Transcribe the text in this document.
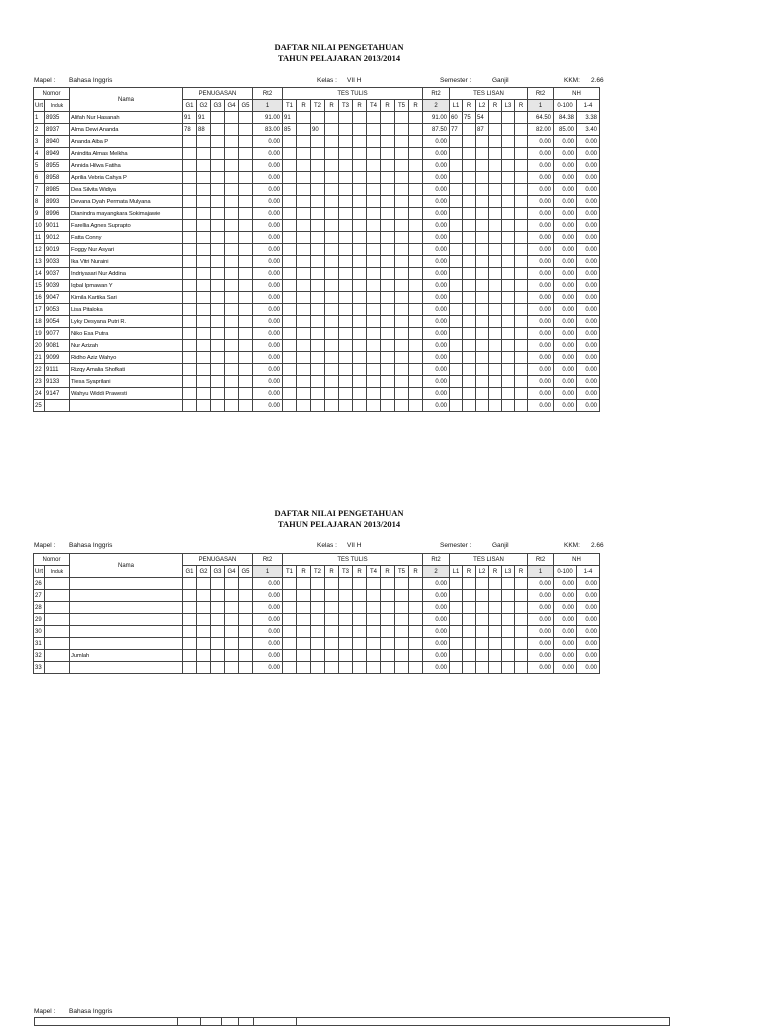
DAFTAR NILAI PENGETAHUAN
TAHUN PELAJARAN 2013/2014
Mapel : Bahasa Inggris	Kelas : VII H	Semester :	Ganjil	KKM: 2.66
Nomor		Nama	PENUGASAN					Rt2	TES TULIS										Rt2	TES LISAN						Rt2	NH	
Urt	Induk		G1	G2	G3	G4	G5	1	T1	R	T2	R	T3	R	T4	R	T5	R	2	L1	R	L2	R	L3	R	1	0-100	1-4
1	8935	Alifah Nur Hasanah	91	91				91.00	91										91.00	60	75	54				64.50	84.38	3.38
2	8937	Alma Dewi Ananda	78	88				83.00	85		90								87.50	77		87				82.00	85.00	3.40
3	8940	Ananda Aiba P						0.00											0.00							0.00	0.00	0.00
4	8949	Anindita Almas Melkha						0.00											0.00							0.00	0.00	0.00
5	8955	Annida Hilwa Fatiha						0.00											0.00							0.00	0.00	0.00
6	8958	Aprilia Vebria Cahya P						0.00											0.00							0.00	0.00	0.00
7	8985	Dea Silvita Widiya						0.00											0.00							0.00	0.00	0.00
8	8993	Devana Dyah Permata Mulyana						0.00											0.00							0.00	0.00	0.00
9	8996	Dianindra mayangkara Sokimajawie						0.00											0.00							0.00	0.00	0.00
10	9011	Farellia Agnes Suprapto						0.00											0.00							0.00	0.00	0.00
11	9012	Fatta Conny						0.00											0.00							0.00	0.00	0.00
12	9019	Foggy Nur Asyari						0.00											0.00							0.00	0.00	0.00
13	9033	Ika Vitri Nuraini						0.00											0.00							0.00	0.00	0.00
14	9037	Indriyasari Nur Addina						0.00											0.00							0.00	0.00	0.00
15	9039	Iqbal Ipmawan Y						0.00											0.00							0.00	0.00	0.00
16	9047	Kirnila Kartika Sari						0.00											0.00							0.00	0.00	0.00
17	9053	Lisa Pitaloka						0.00											0.00							0.00	0.00	0.00
18	9054	Lyky Desyana Putri R.						0.00											0.00							0.00	0.00	0.00
19	9077	Niko Esa Putra						0.00											0.00							0.00	0.00	0.00
20	9081	Nur Azizah						0.00											0.00							0.00	0.00	0.00
21	9099	Ridho Aziz Wahyo						0.00											0.00							0.00	0.00	0.00
22	9111	Rizqy Amalia Shofkati						0.00											0.00							0.00	0.00	0.00
23	9133	Tiesa Syaprilani						0.00											0.00							0.00	0.00	0.00
24	9147	Wahyu Widdi Prawesti						0.00											0.00							0.00	0.00	0.00
25								0.00											0.00							0.00	0.00	0.00
DAFTAR NILAI PENGETAHUAN
TAHUN PELAJARAN 2013/2014
Mapel : Bahasa Inggris	Kelas : VII H	Semester :	Ganjil	KKM: 2.66
Nomor		Nama	PENUGASAN					Rt2	TES TULIS										Rt2	TES LISAN						Rt2	NH	
Urt	Induk		G1	G2	G3	G4	G5	1	T1	R	T2	R	T3	R	T4	R	T5	R	2	L1	R	L2	R	L3	R	1	0-100	1-4
26								0.00											0.00							0.00	0.00	0.00
27								0.00											0.00							0.00	0.00	0.00
28								0.00											0.00							0.00	0.00	0.00
29								0.00											0.00							0.00	0.00	0.00
30								0.00											0.00							0.00	0.00	0.00
31								0.00											0.00							0.00	0.00	0.00
32		Jumlah						0.00											0.00							0.00	0.00	0.00
33								0.00											0.00							0.00	0.00	0.00
Mapel : Bahasa Inggris
